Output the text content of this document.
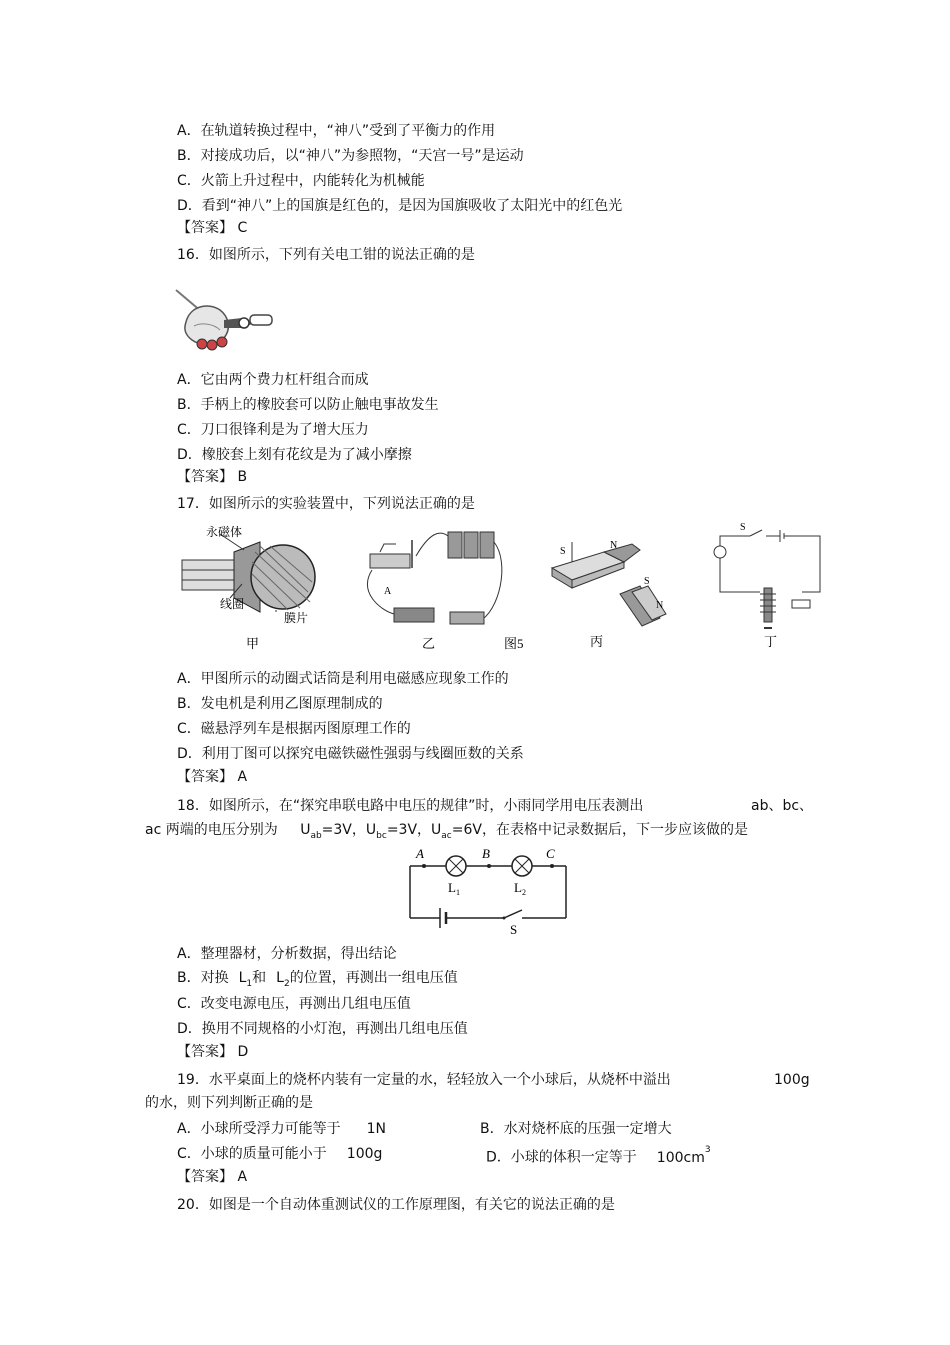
A．在轨道转换过程中，“神八”受到了平衡力的作用
B．对接成功后，以“神八”为参照物，“天宫一号”是运动
C．火箭上升过程中，内能转化为机械能
D．看到“神八”上的国旗是红色的，是因为国旗吸收了太阳光中的红色光
【答案】 C
16．如图所示，下列有关电工钳的说法正确的是
A．它由两个费力杠杆组合而成
B．手柄上的橡胶套可以防止触电事故发生
C．刀口很锋利是为了增大压力
D．橡胶套上刻有花纹是为了减小摩擦
【答案】 B
17．如图所示的实验装置中，下列说法正确的是
永磁体
线圈
膜片
甲
A
乙	图5
S
N
S
N
丙
S
丁
A．甲图所示的动圈式话筒是利用电磁感应现象工作的
B．发电机是利用乙图原理制成的
C．磁悬浮列车是根据丙图原理工作的
D．利用丁图可以探究电磁铁磁性强弱与线圈匝数的关系
【答案】 A
18．如图所示，在“探究串联电路中电压的规律”时，小雨同学用电压表测出	ab、bc、
ac 两端的电压分别为 $U_{ab}=3V$，$U_{bc}=3V$，$U_{ac}=6V$，在表格中记录数据后，下一步应该做的是
A	B	C
$L_1$	$L_2$
S
A．整理器材，分析数据，得出结论
B．对换 $L_1$和 $L_2$的位置，再测出一组电压值
C．改变电源电压，再测出几组电压值
D．换用不同规格的小灯泡，再测出几组电压值
【答案】 D
19．水平桌面上的烧杯内装有一定量的水，轻轻放入一个小球后，从烧杯中溢出	100g
的水，则下列判断正确的是
A．小球所受浮力可能等于 1N	B．水对烧杯底的压强一定增大
C．小球的质量可能小于 100g	D．小球的体积一定等于 $100cm^3$
【答案】 A
20．如图是一个自动体重测试仪的工作原理图，有关它的说法正确的是
